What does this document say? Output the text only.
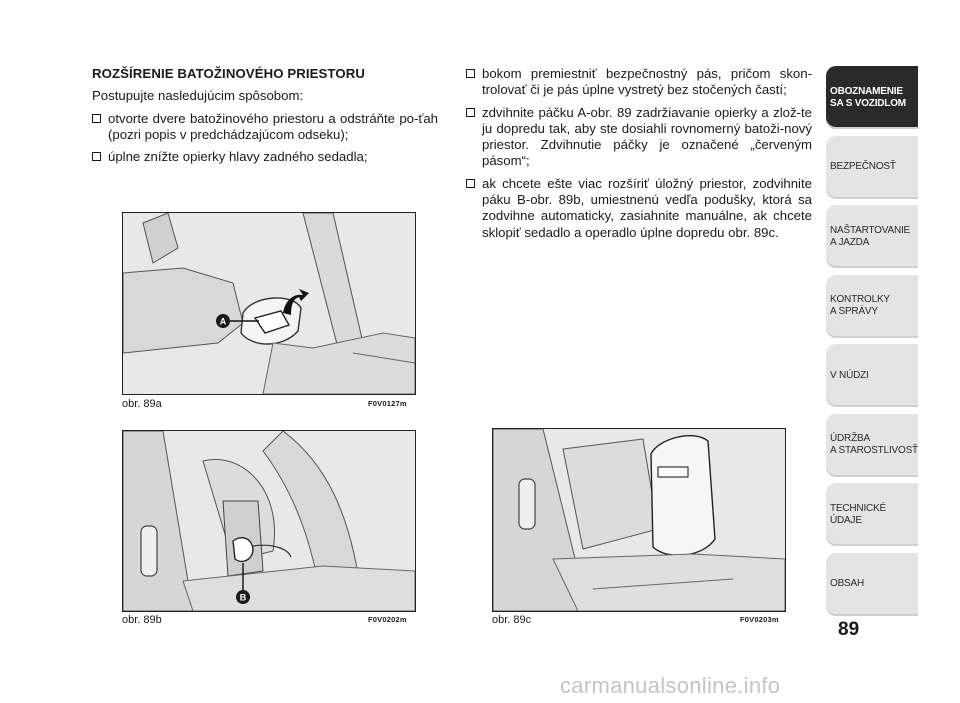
ROZŠÍRENIE BATOŽINOVÉHO PRIESTORU
Postupujte nasledujúcim spôsobom:
otvorte dvere batožinového priestoru a odstráňte po-ťah (pozri popis v predchádzajúcom odseku);
úplne znížte opierky hlavy zadného sedadla;
bokom premiestniť bezpečnostný pás, pričom skon-trolovať či je pás úplne vystretý bez stočených častí;
zdvihnite páčku A-obr. 89 zadržiavanie opierky a zlož-te ju dopredu tak, aby ste dosiahli rovnomerný batoži-nový priestor. Zdvihnutie páčky je označené „červeným pásom“;
ak chcete ešte viac rozšíriť úložný priestor, zodvihnite páku B-obr. 89b, umiestnenú vedľa podušky, ktorá sa zodvihne automaticky, zasiahnite manuálne, ak chcete sklopiť sedadlo a operadlo úplne dopredu obr. 89c.
A
obr. 89a	F0V0127m
B
obr. 89b	F0V0202m	obr. 89c	F0V0203m
OBOZNAMENIE
SA S VOZIDLOM
BEZPEČNOSŤ
NAŠTARTOVANIE
A JAZDA
KONTROLKY
A SPRÁVY
V NÚDZI
ÚDRŽBA
A STAROSTLIVOSŤ
TECHNICKÉ
ÚDAJE
OBSAH
89
carmanualsonline.info
